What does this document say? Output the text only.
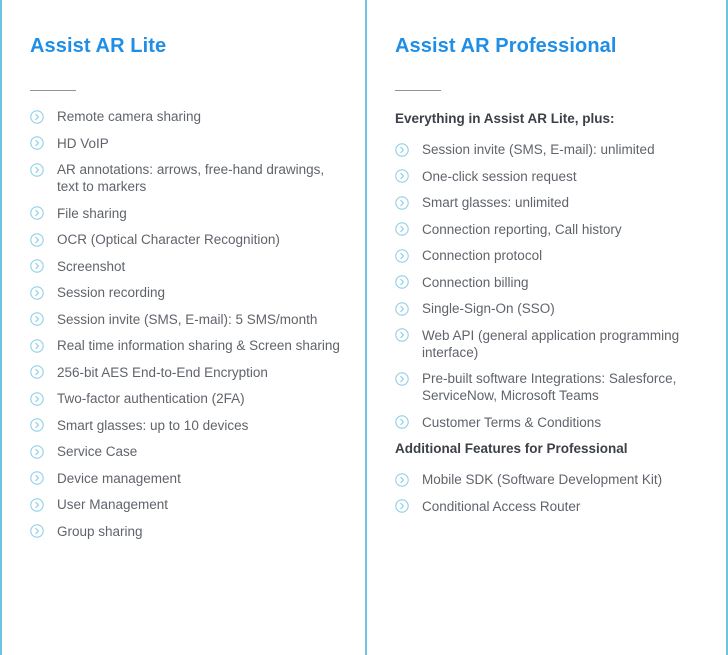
Assist AR Lite
Remote camera sharing
HD VoIP
AR annotations: arrows, free-hand drawings, text to markers
File sharing
OCR (Optical Character Recognition)
Screenshot
Session recording
Session invite (SMS, E-mail): 5 SMS/month
Real time information sharing & Screen sharing
256-bit AES End-to-End Encryption
Two-factor authentication (2FA)
Smart glasses: up to 10 devices
Service Case
Device management
User Management
Group sharing
Assist AR Professional
Everything in Assist AR Lite, plus:
Session invite (SMS, E-mail): unlimited
One-click session request
Smart glasses: unlimited
Connection reporting, Call history
Connection protocol
Connection billing
Single-Sign-On (SSO)
Web API (general application programming interface)
Pre-built software Integrations: Salesforce, ServiceNow, Microsoft Teams
Customer Terms & Conditions
Additional Features for Professional
Mobile SDK (Software Development Kit)
Conditional Access Router
